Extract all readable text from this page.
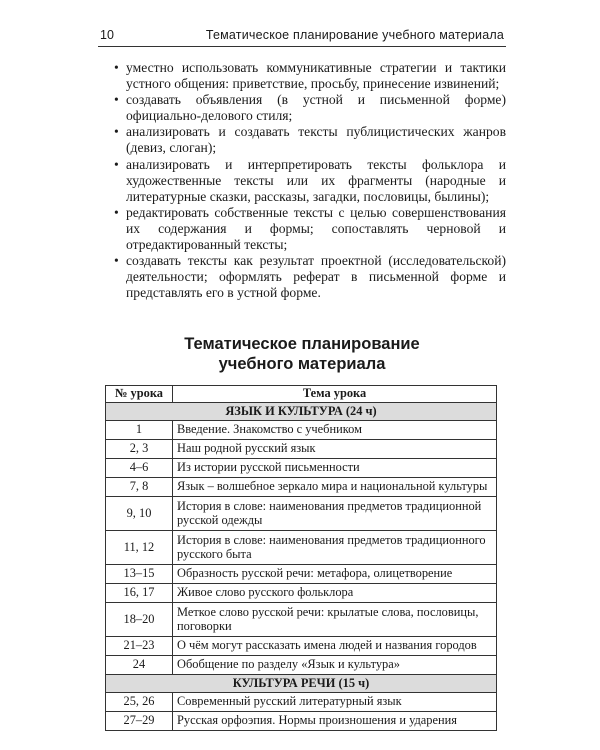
10	Тематическое планирование учебного материала
• уместно использовать коммуникативные стратегии и тактики устного общения: приветствие, просьбу, принесение извинений;
• создавать объявления (в устной и письменной форме) официально-делового стиля;
• анализировать и создавать тексты публицистических жанров (девиз, слоган);
• анализировать и интерпретировать тексты фольклора и художественные тексты или их фрагменты (народные и литературные сказки, рассказы, загадки, пословицы, былины);
• редактировать собственные тексты с целью совершенствования их содержания и формы; сопоставлять черновой и отредактированный тексты;
• создавать тексты как результат проектной (исследовательской) деятельности; оформлять реферат в письменной форме и представлять его в устной форме.
Тематическое планирование
учебного материала
№ урока	Тема урока
ЯЗЫК И КУЛЬТУРА (24 ч)	
1	Введение. Знакомство с учебником
2, 3	Наш родной русский язык
4–6	Из истории русской письменности
7, 8	Язык – волшебное зеркало мира и национальной культуры
9, 10	История в слове: наименования предметов традиционной русской одежды
11, 12	История в слове: наименования предметов традиционного русского быта
13–15	Образность русской речи: метафора, олицетворение
16, 17	Живое слово русского фольклора
18–20	Меткое слово русской речи: крылатые слова, пословицы, поговорки
21–23	О чём могут рассказать имена людей и названия городов
24	Обобщение по разделу «Язык и культура»
КУЛЬТУРА РЕЧИ (15 ч)	
25, 26	Современный русский литературный язык
27–29	Русская орфоэпия. Нормы произношения и ударения
